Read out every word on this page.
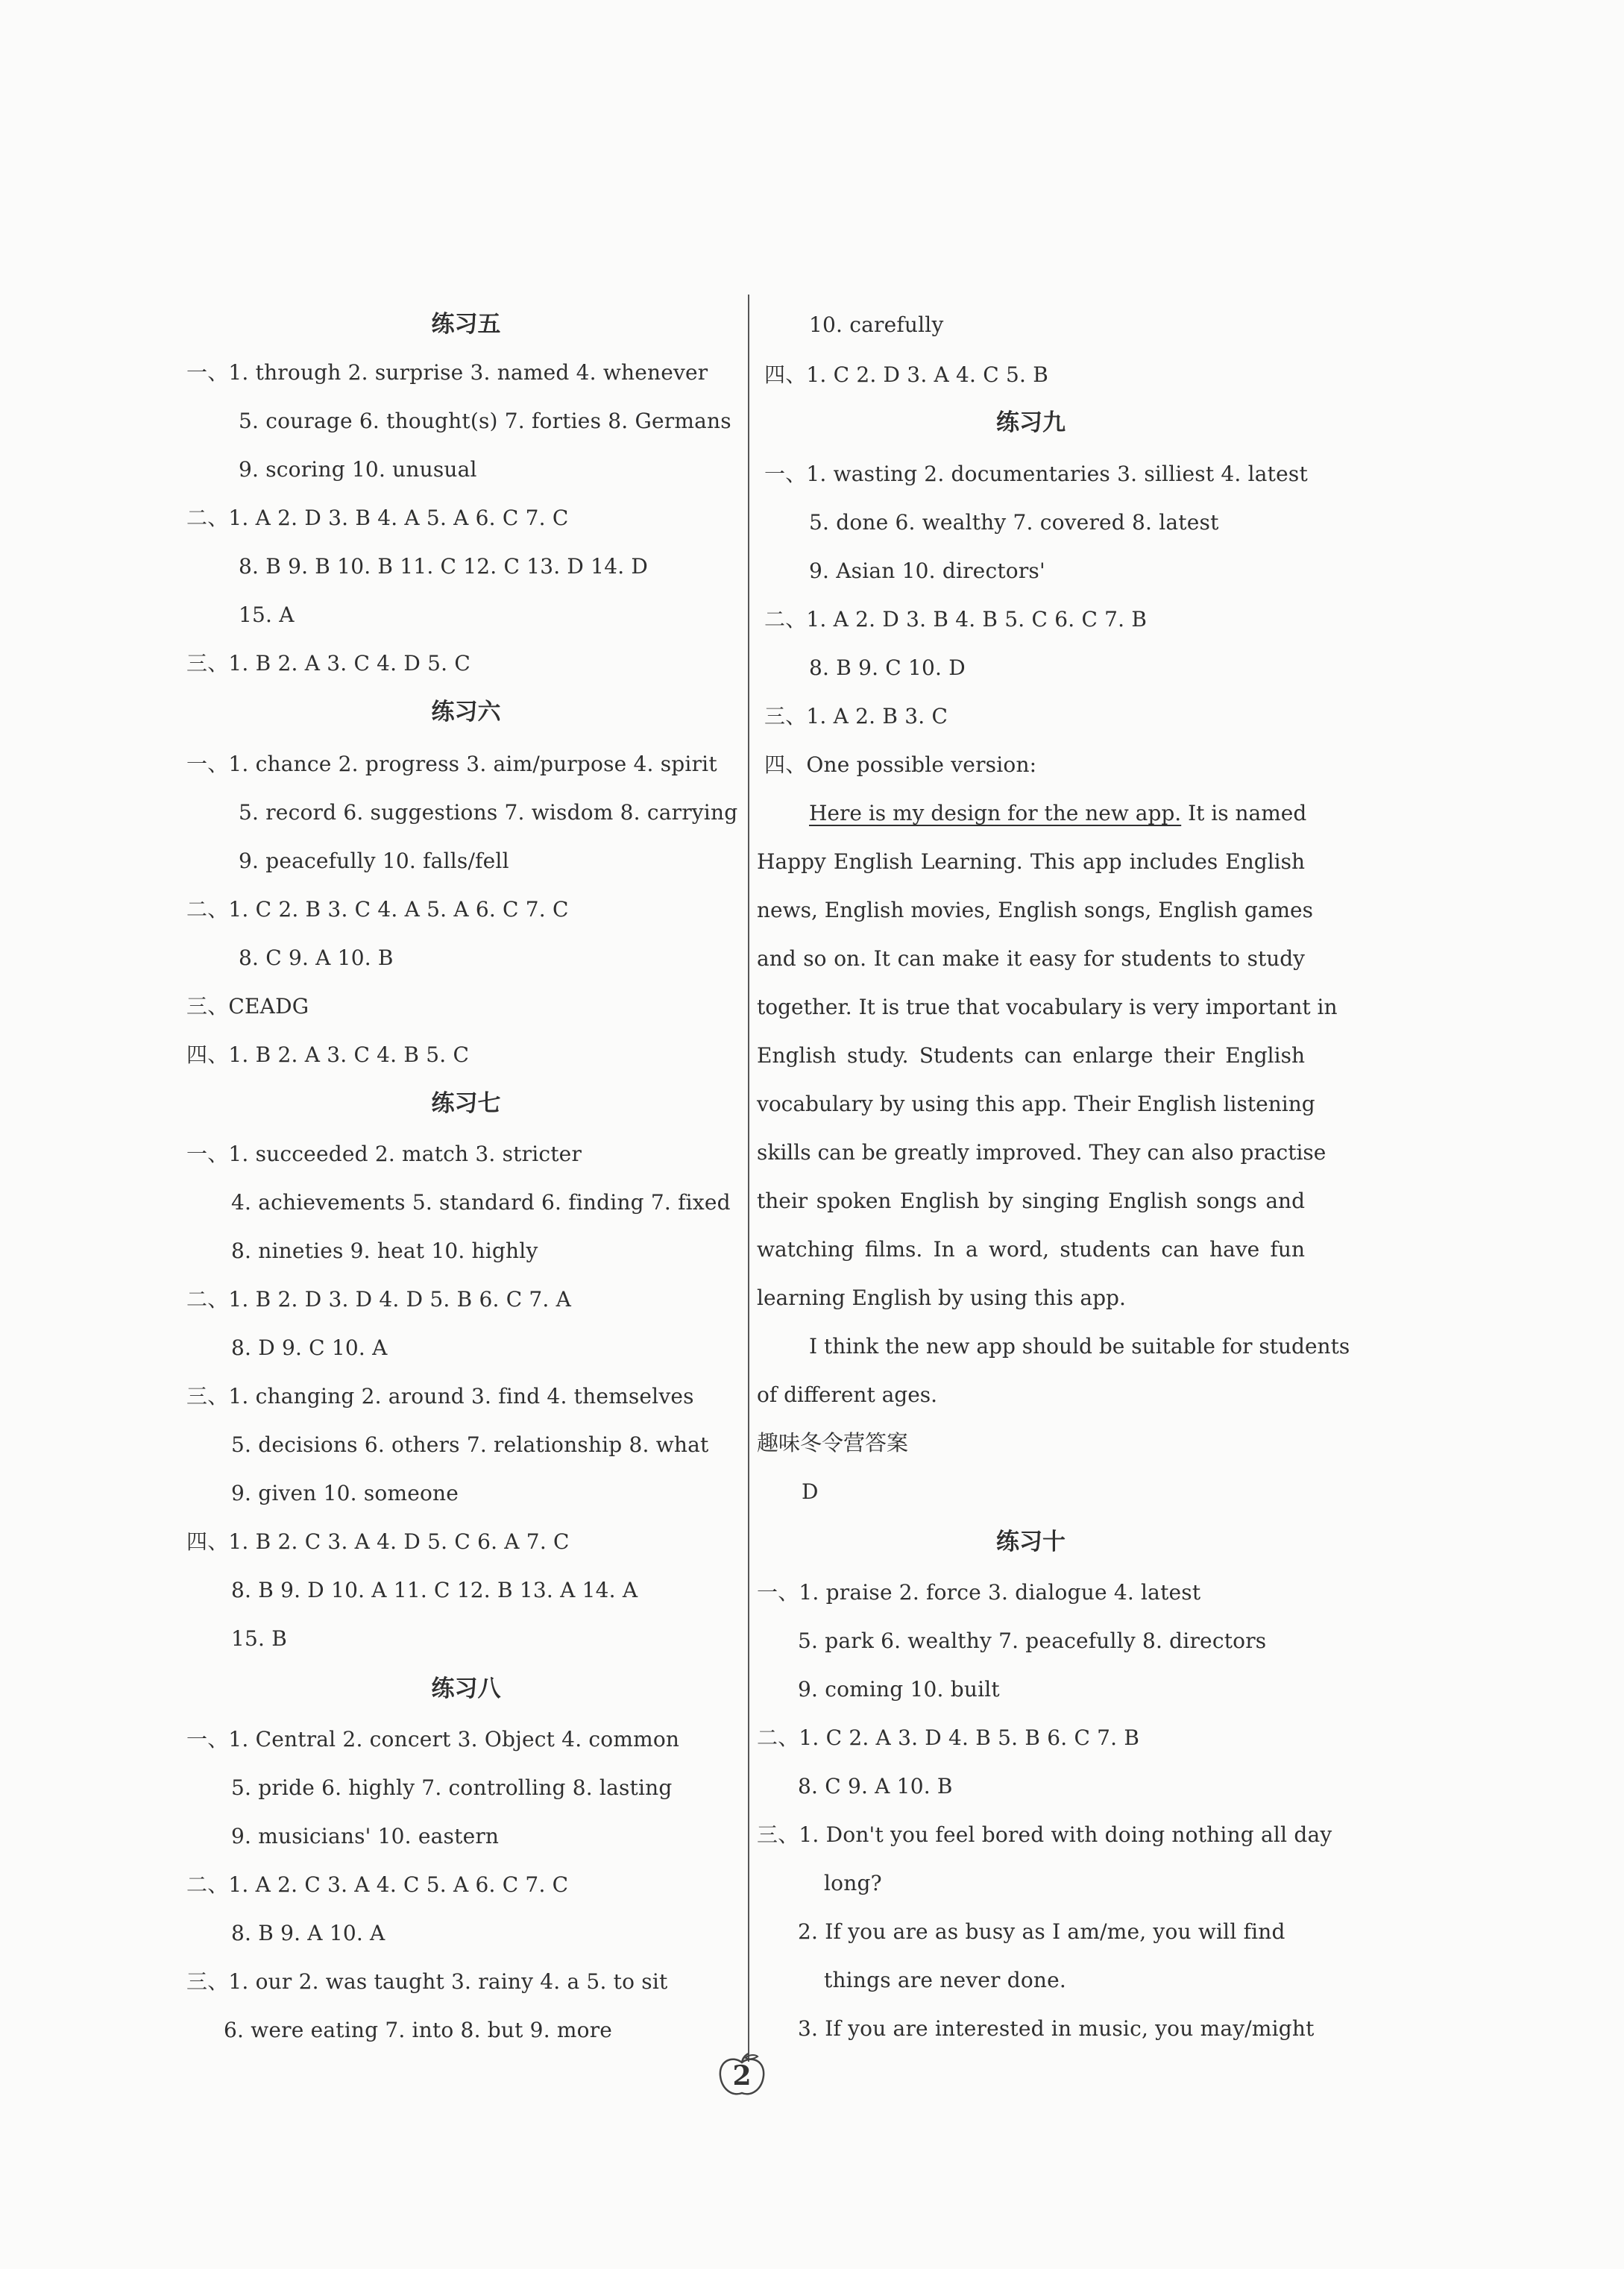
练习五
一、1. through 2. surprise 3. named 4. whenever
5. courage 6. thought(s) 7. forties 8. Germans
9. scoring 10. unusual
二、1. A 2. D 3. B 4. A 5. A 6. C 7. C
8. B 9. B 10. B 11. C 12. C 13. D 14. D
15. A
三、1. B 2. A 3. C 4. D 5. C
练习六
一、1. chance 2. progress 3. aim/purpose 4. spirit
5. record 6. suggestions 7. wisdom 8. carrying
9. peacefully 10. falls/fell
二、1. C 2. B 3. C 4. A 5. A 6. C 7. C
8. C 9. A 10. B
三、CEADG
四、1. B 2. A 3. C 4. B 5. C
练习七
一、1. succeeded 2. match 3. stricter
4. achievements 5. standard 6. finding 7. fixed
8. nineties 9. heat 10. highly
二、1. B 2. D 3. D 4. D 5. B 6. C 7. A
8. D 9. C 10. A
三、1. changing 2. around 3. find 4. themselves
5. decisions 6. others 7. relationship 8. what
9. given 10. someone
四、1. B 2. C 3. A 4. D 5. C 6. A 7. C
8. B 9. D 10. A 11. C 12. B 13. A 14. A
15. B
练习八
一、1. Central 2. concert 3. Object 4. common
5. pride 6. highly 7. controlling 8. lasting
9. musicians' 10. eastern
二、1. A 2. C 3. A 4. C 5. A 6. C 7. C
8. B 9. A 10. A
三、1. our 2. was taught 3. rainy 4. a 5. to sit
6. were eating 7. into 8. but 9. more
10. carefully
四、1. C 2. D 3. A 4. C 5. B
练习九
一、1. wasting 2. documentaries 3. silliest 4. latest
5. done 6. wealthy 7. covered 8. latest
9. Asian 10. directors'
二、1. A 2. D 3. B 4. B 5. C 6. C 7. B
8. B 9. C 10. D
三、1. A 2. B 3. C
四、One possible version:
Here is my design for the new app. It is named
Happy English Learning. This app includes English
news, English movies, English songs, English games
and so on. It can make it easy for students to study
together. It is true that vocabulary is very important in
English study. Students can enlarge their English
vocabulary by using this app. Their English listening
skills can be greatly improved. They can also practise
their spoken English by singing English songs and
watching films. In a word, students can have fun
learning English by using this app.
I think the new app should be suitable for students
of different ages.
趣味冬令营答案
D
练习十
一、1. praise 2. force 3. dialogue 4. latest
5. park 6. wealthy 7. peacefully 8. directors
9. coming 10. built
二、1. C 2. A 3. D 4. B 5. B 6. C 7. B
8. C 9. A 10. B
三、1. Don't you feel bored with doing nothing all day
long?
2. If you are as busy as I am/me, you will find
things are never done.
3. If you are interested in music, you may/might
2
